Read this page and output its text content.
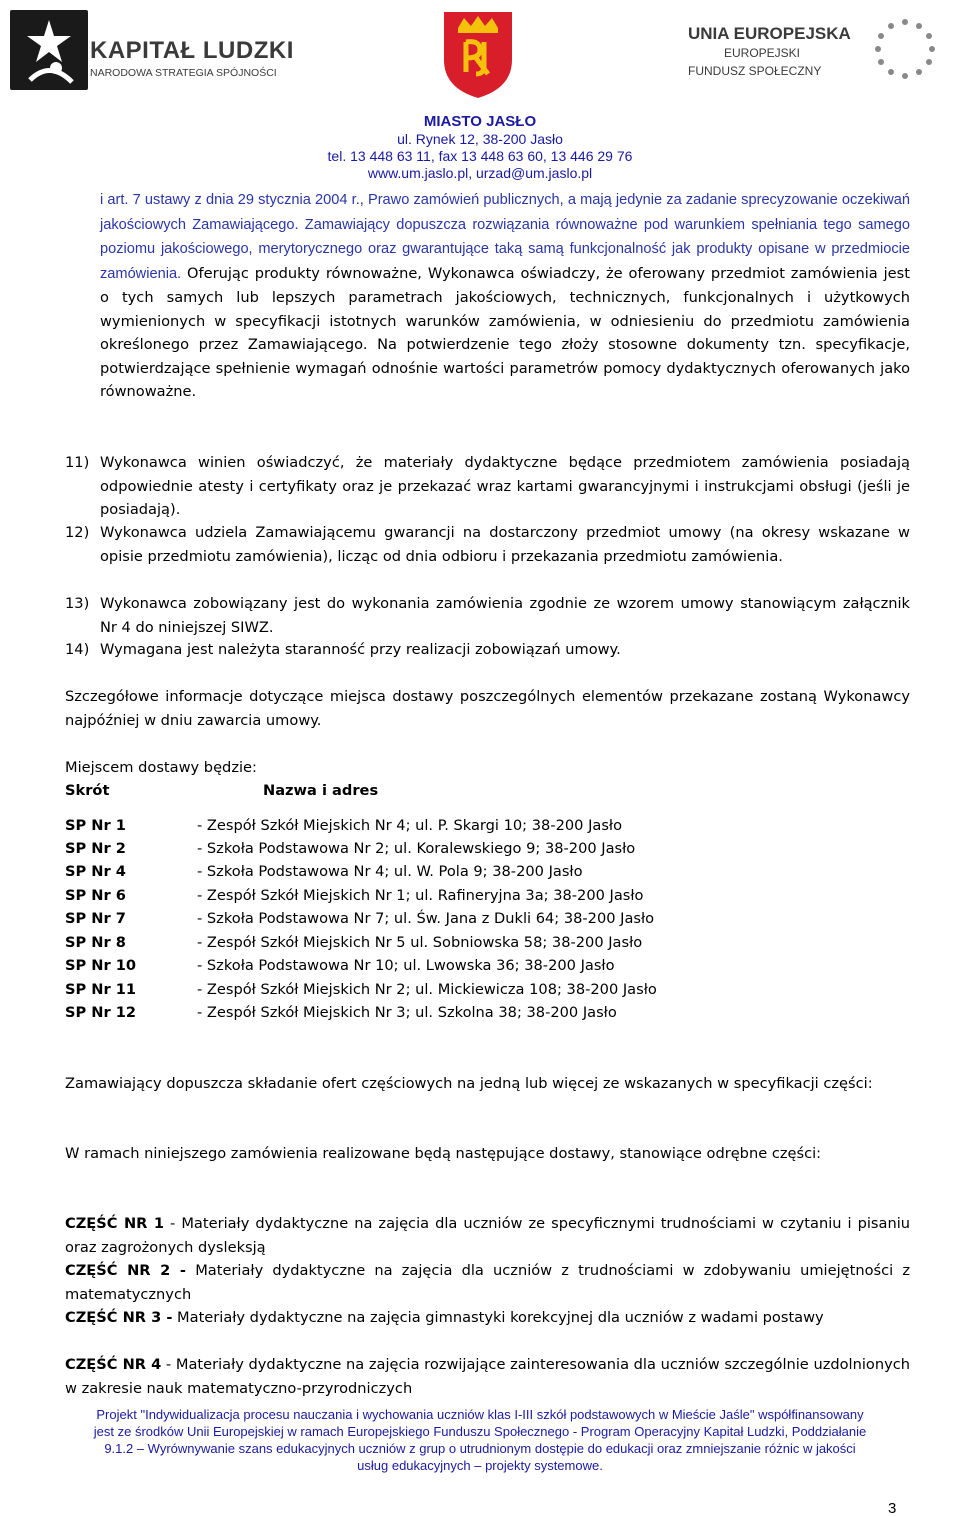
KAPITAŁ LUDZKI
NARODOWA STRATEGIA SPÓJNOŚCI
UNIA EUROPEJSKA
EUROPEJSKI
FUNDUSZ SPOŁECZNY
MIASTO JASŁO
ul. Rynek 12, 38-200 Jasło
tel. 13 448 63 11, fax 13 448 63 60, 13 446 29 76
www.um.jaslo.pl, urzad@um.jaslo.pl
i art. 7 ustawy z dnia 29 stycznia 2004 r., Prawo zamówień publicznych, a mają jedynie za zadanie sprecyzowanie oczekiwań jakościowych Zamawiającego. Zamawiający dopuszcza rozwiązania równoważne pod warunkiem spełniania tego samego poziomu jakościowego, merytorycznego oraz gwarantujące taką samą funkcjonalność jak produkty opisane w przedmiocie zamówienia. Oferując produkty równoważne, Wykonawca oświadczy, że oferowany przedmiot zamówienia jest o tych samych lub lepszych parametrach jakościowych, technicznych, funkcjonalnych i użytkowych wymienionych w specyfikacji istotnych warunków zamówienia, w odniesieniu do przedmiotu zamówienia określonego przez Zamawiającego. Na potwierdzenie tego złoży stosowne dokumenty tzn. specyfikacje, potwierdzające spełnienie wymagań odnośnie wartości parametrów pomocy dydaktycznych oferowanych jako równoważne.
11) Wykonawca winien oświadczyć, że materiały dydaktyczne będące przedmiotem zamówienia posiadają odpowiednie atesty i certyfikaty oraz je przekazać wraz kartami gwarancyjnymi i instrukcjami obsługi (jeśli je posiadają).
12) Wykonawca udziela Zamawiającemu gwarancji na dostarczony przedmiot umowy (na okresy wskazane w opisie przedmiotu zamówienia), licząc od dnia odbioru i przekazania przedmiotu zamówienia.
13) Wykonawca zobowiązany jest do wykonania zamówienia zgodnie ze wzorem umowy stanowiącym załącznik Nr 4 do niniejszej SIWZ.
14) Wymagana jest należyta staranność przy realizacji zobowiązań umowy.
Szczegółowe informacje dotyczące miejsca dostawy poszczególnych elementów przekazane zostaną Wykonawcy najpóźniej w dniu zawarcia umowy.
Miejscem dostawy będzie:
Skrót	Nazwa i adres
SP Nr 1	- Zespół Szkół Miejskich Nr 4; ul. P. Skargi 10; 38-200 Jasło
SP Nr 2	- Szkoła Podstawowa Nr 2; ul. Koralewskiego 9; 38-200 Jasło
SP Nr 4	- Szkoła Podstawowa Nr 4; ul. W. Pola 9; 38-200 Jasło
SP Nr 6	- Zespół Szkół Miejskich Nr 1; ul. Rafineryjna 3a; 38-200 Jasło
SP Nr 7	- Szkoła Podstawowa Nr 7; ul. Św. Jana z Dukli 64; 38-200 Jasło
SP Nr 8	- Zespół Szkół Miejskich Nr 5 ul. Sobniowska 58; 38-200 Jasło
SP Nr 10	- Szkoła Podstawowa Nr 10; ul. Lwowska 36; 38-200 Jasło
SP Nr 11	- Zespół Szkół Miejskich Nr 2; ul. Mickiewicza 108; 38-200 Jasło
SP Nr 12	- Zespół Szkół Miejskich Nr 3; ul. Szkolna 38; 38-200 Jasło
Zamawiający dopuszcza składanie ofert częściowych na jedną lub więcej ze wskazanych w specyfikacji części:
W ramach niniejszego zamówienia realizowane będą następujące dostawy, stanowiące odrębne części:
CZĘŚĆ NR 1 - Materiały dydaktyczne na zajęcia dla uczniów ze specyficznymi trudnościami w czytaniu i pisaniu oraz zagrożonych dysleksją
CZĘŚĆ NR 2 - Materiały dydaktyczne na zajęcia dla uczniów z trudnościami w zdobywaniu umiejętności z matematycznych
CZĘŚĆ NR 3 - Materiały dydaktyczne na zajęcia gimnastyki korekcyjnej dla uczniów z wadami postawy
CZĘŚĆ NR 4 - Materiały dydaktyczne na zajęcia rozwijające zainteresowania dla uczniów szczególnie uzdolnionych w zakresie nauk matematyczno-przyrodniczych
Projekt "Indywidualizacja procesu nauczania i wychowania uczniów klas I-III szkół podstawowych w Mieście Jaśle" współfinansowany
jest ze środków Unii Europejskiej w ramach Europejskiego Funduszu Społecznego - Program Operacyjny Kapitał Ludzki, Poddziałanie
9.1.2 – Wyrównywanie szans edukacyjnych uczniów z grup o utrudnionym dostępie do edukacji oraz zmniejszanie różnic w jakości
usług edukacyjnych – projekty systemowe.
3
